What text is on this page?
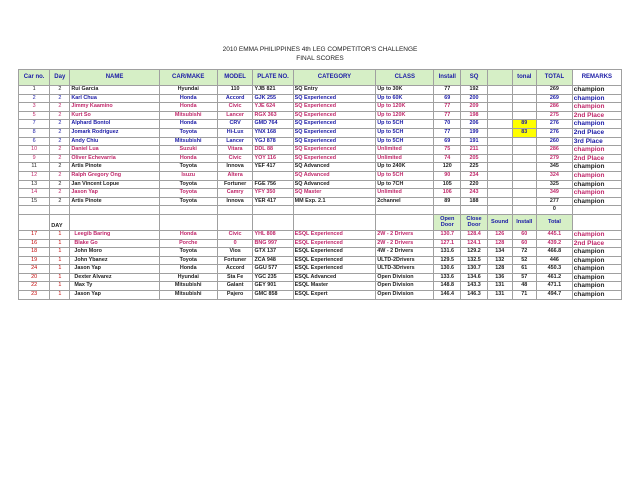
2010 EMMA PHILIPPINES 4th LEG COMPETITOR'S CHALLENGE
FINAL SCORES
Car no.	Day	NAME	CAR/MAKE	MODEL	PLATE NO.	CATEGORY	CLASS	Install	SQ		tonal	TOTAL	REMARKS
1	2	Rui Garcia	Hyundai	110	YJB 821	SQ Entry	Up to 30K	77	192			269	champion
2	2	Karl Chua	Honda	Accord	GJK 255	SQ Experienced	Up to 60K	69	200			269	champion
3	2	Jimmy Kaamino	Honda	Civic	YJE 624	SQ Experienced	Up to 120K	77	209			286	champion
5	2	Kurt So	Mitsubishi	Lancer	RGX 363	SQ Experienced	Up to 120K	77	198			275	2nd Place
7	2	Alphard Bontol	Honda	CRV	GMD 764	SQ Experienced	Up to 5CH	70	206		89	276	champion
8	2	Jomark Rodriguez	Toyota	Hi-Lux	YNX 168	SQ Experienced	Up to 5CH	77	199		83	276	2nd Place
6	2	Andy Chiu	Mitsubishi	Lancer	YGJ 878	SQ Experienced	Up to 5CH	69	191			260	3rd Place
10	2	Daniel Lua	Suzuki	Vitara	DDL 88	SQ Experienced	Unlimited	75	211			286	champion
9	2	Oliver Echevarria	Honda	Civic	YOY 116	SQ Experienced	Unlimited	74	205			279	2nd Place
11	2	Artis Pinote	Toyota	Innova	YEF 417	SQ Advanced	Up to 240K	120	225			345	champion
12	2	Ralph Gregory Ong	Isuzu	Altera		SQ Advanced	Up to 5CH	90	234			324	champion
13	2	Jan Vincent Lopue	Toyota	Fortuner	FGE 756	SQ Advanced	Up to 7CH	105	220			325	champion
14	2	Jason Yap	Toyota	Camry	YFY 350	SQ Master	Unlimited	106	243			349	champion
15	2	Artis Pinote	Toyota	Innova	YER 417	MM Exp. 2.1	2channel	89	188			277	champion
												0	
	DAY							Open Door	Close Door	Sound	Install	Total	
17	1	Leegib Baring	Honda	Civic	YHL 808	ESQL Experienced	2W - 2 Drivers	130.7	128.4	126	60	445.1	champion
16	1	Blake Go	Porche	0	BNG 997	ESQL Experienced	2W - 2 Drivers	127.1	124.1	128	60	439.2	2nd Place
18	1	John Moro	Toyota	Vios	GTX 137	ESQL Experienced	4W - 2 Drivers	131.6	129.2	134	72	466.8	champion
19	1	John Ybanez	Toyota	Fortuner	ZCA 948	ESQL Experienced	ULTD-2Drivers	129.5	132.5	132	52	446	champion
24	1	Jason Yap	Honda	Accord	GGU 577	ESQL Experienced	ULTD-3Drivers	130.6	130.7	128	61	450.3	champion
20	1	Dexter Alvarez	Hyundai	Sta Fe	YGC 235	ESQL Advanced	Open Division	133.6	134.6	136	57	461.2	champion
22	1	Max Ty	Mitsubishi	Galant	GEY 901	ESQL Master	Open Division	148.8	143.3	131	48	471.1	champion
23	1	Jason Yap	Mitsubishi	Pajero	GMC 858	ESQL Expert	Open Division	146.4	146.3	131	71	494.7	champion
